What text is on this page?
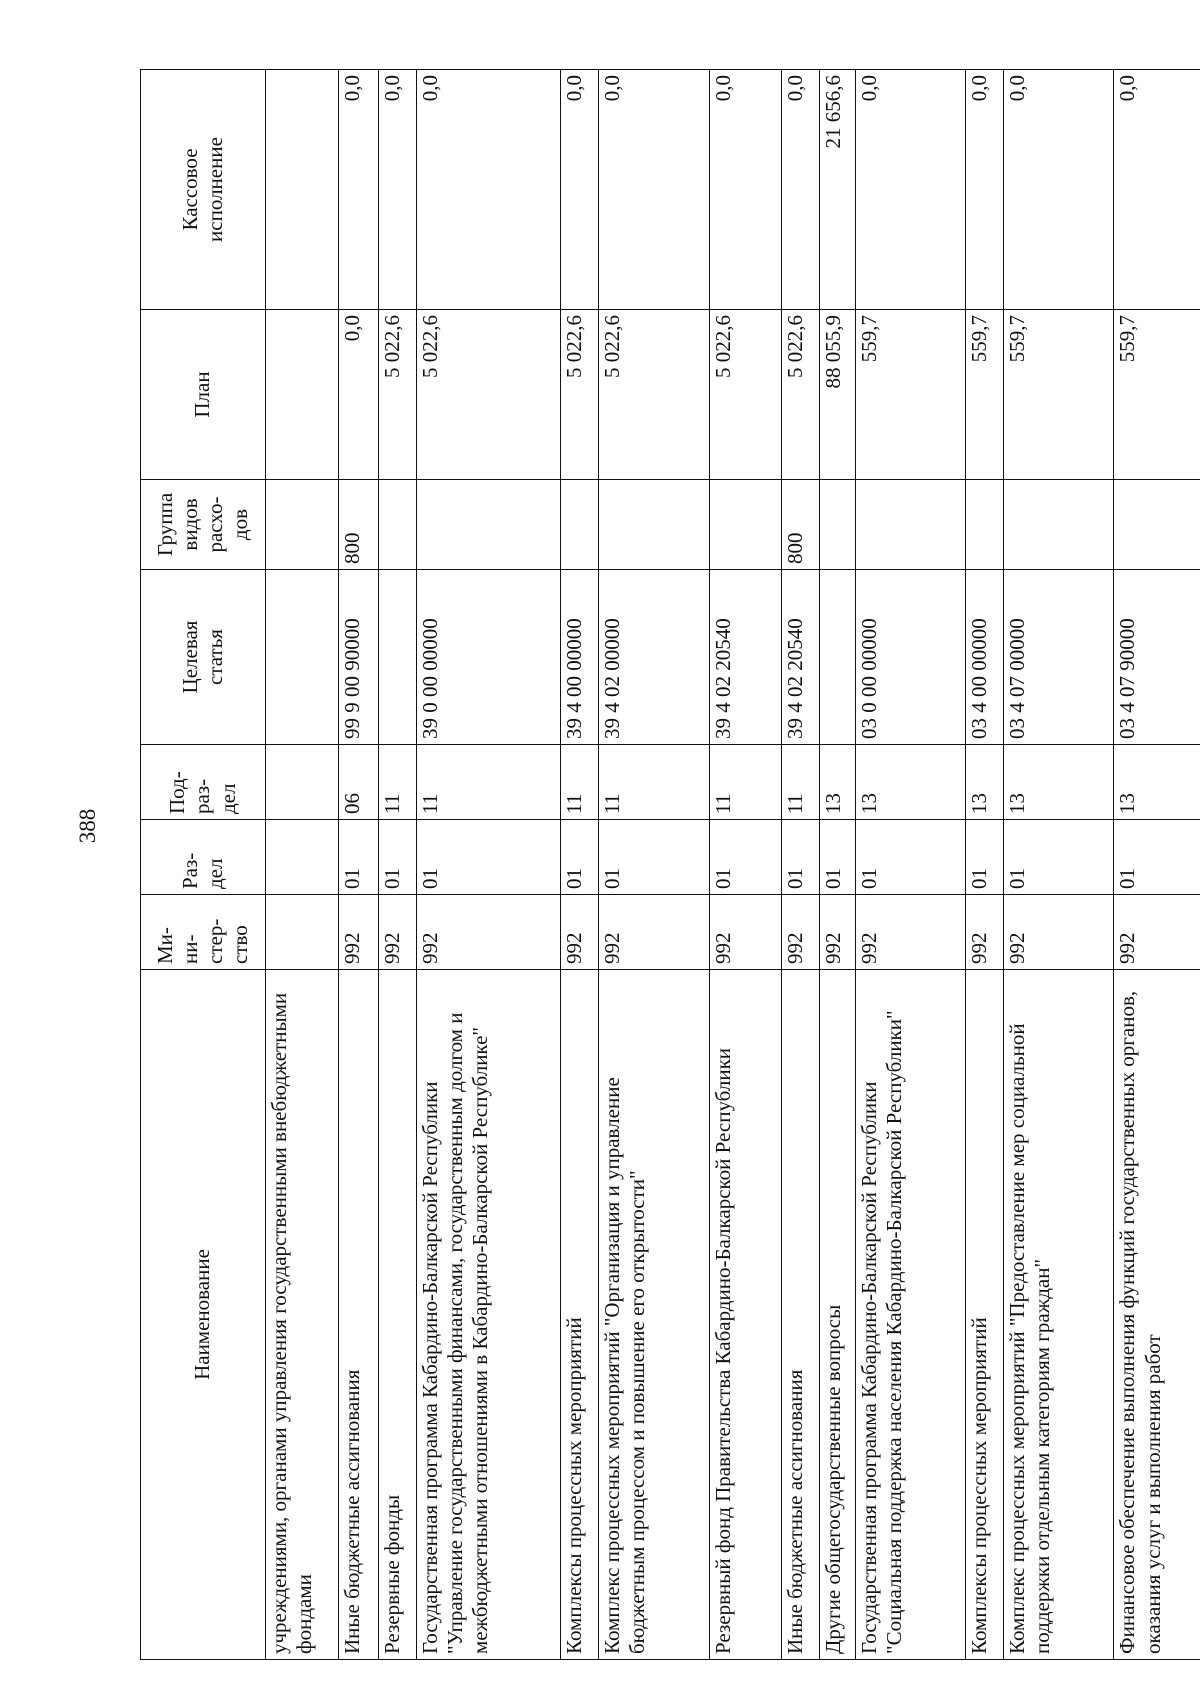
388
Наименование	Ми-
ни-
стер-
ство	Раз-
дел	Под-
раз-
дел	Целевая
статья	Группа
видов
расхо-
дов	План	Кассовое
исполнение
учреждениями, органами управления государственными внебюджетными фондами							
Иные бюджетные ассигнования	992	01	06	99 9 00 90000	800	0,0	0,0
Резервные фонды	992	01	11			5 022,6	0,0
Государственная программа Кабардино-Балкарской Республики "Управление государственными финансами, государственным долгом и межбюджетными отношениями в Кабардино-Балкарской Республике"	992	01	11	39 0 00 00000		5 022,6	0,0
Комплексы процессных мероприятий	992	01	11	39 4 00 00000		5 022,6	0,0
Комплекс процессных мероприятий "Организация и управление бюджетным процессом и повышение его открытости"	992	01	11	39 4 02 00000		5 022,6	0,0
Резервный фонд Правительства Кабардино-Балкарской Республики	992	01	11	39 4 02 20540		5 022,6	0,0
Иные бюджетные ассигнования	992	01	11	39 4 02 20540	800	5 022,6	0,0
Другие общегосударственные вопросы	992	01	13			88 055,9	21 656,6
Государственная программа Кабардино-Балкарской Республики "Социальная поддержка населения Кабардино-Балкарской Республики"	992	01	13	03 0 00 00000		559,7	0,0
Комплексы процессных мероприятий	992	01	13	03 4 00 00000		559,7	0,0
Комплекс процессных мероприятий "Предоставление мер социальной поддержки отдельным категориям граждан"	992	01	13	03 4 07 00000		559,7	0,0
Финансовое обеспечение выполнения функций государственных органов, оказания услуг и выполнения работ	992	01	13	03 4 07 90000		559,7	0,0
